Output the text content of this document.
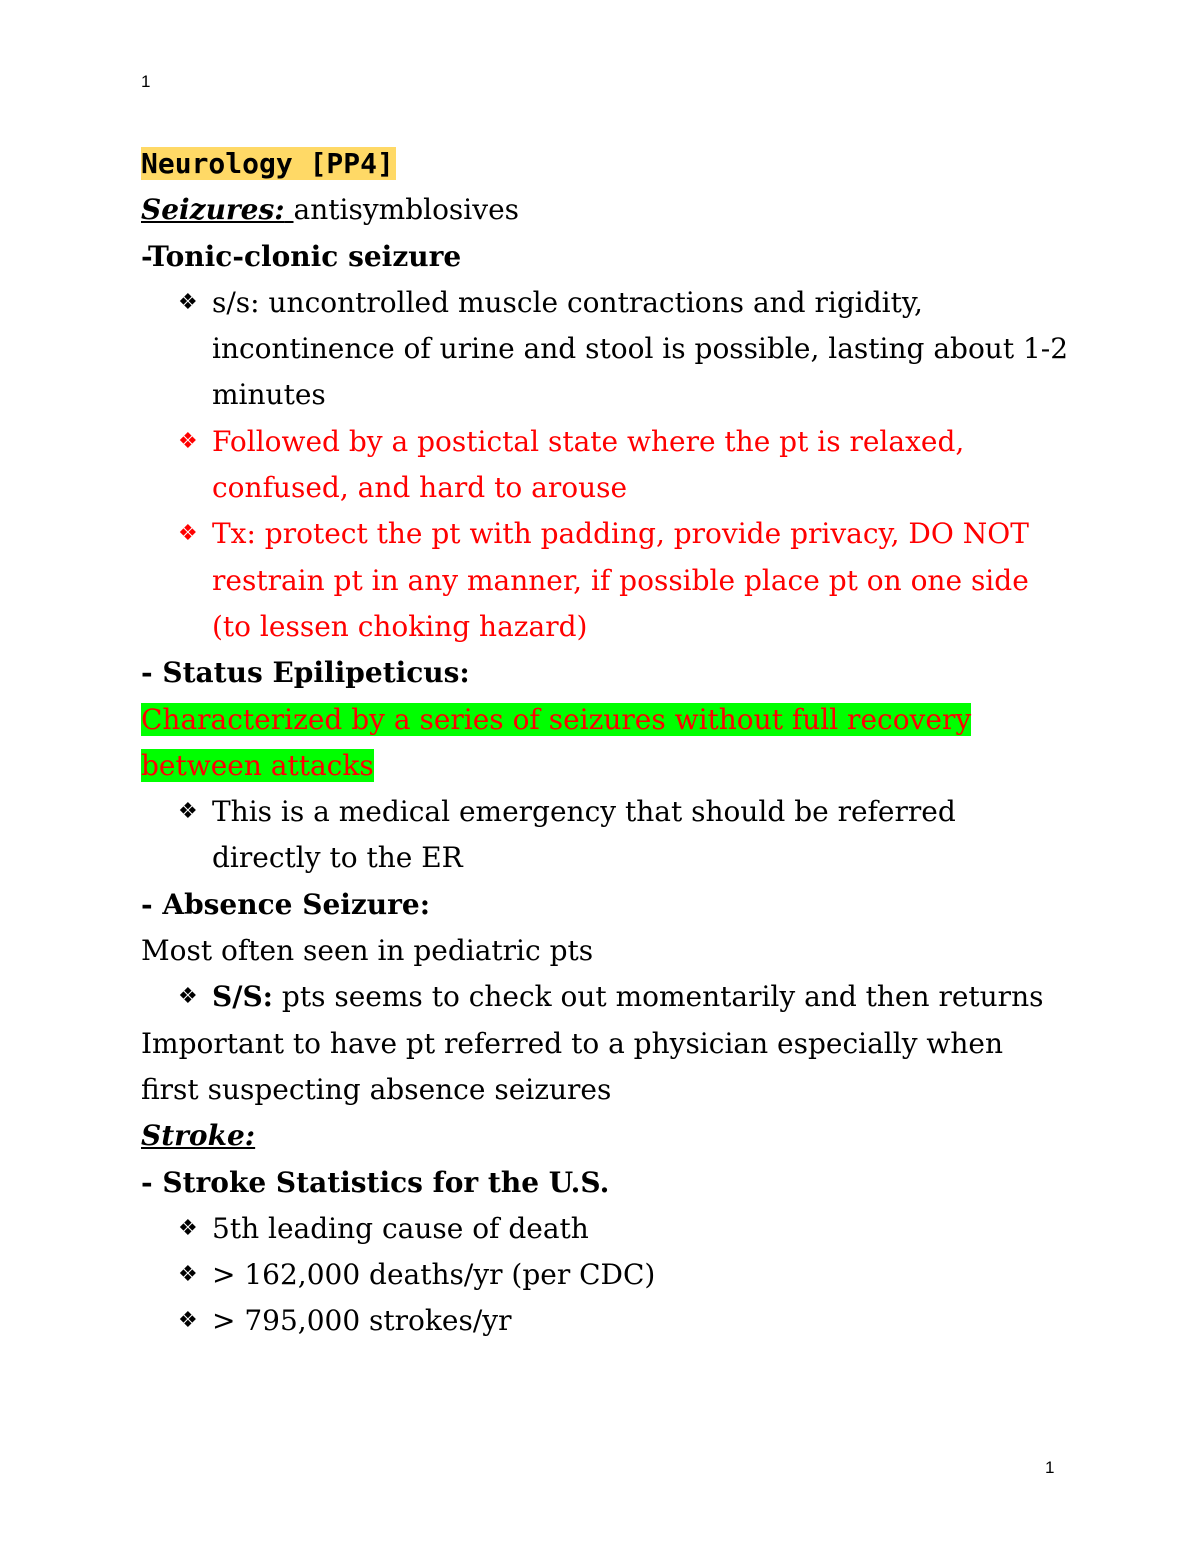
1

Neurology [PP4]

Seizures: antisymblosives

-Tonic-clonic seizure

❖ s/s: uncontrolled muscle contractions and rigidity, incontinence of urine and stool is possible, lasting about 1-2 minutes
❖ Followed by a postictal state where the pt is relaxed, confused, and hard to arouse
❖ Tx: protect the pt with padding, provide privacy, DO NOT restrain pt in any manner, if possible place pt on one side (to lessen choking hazard)

- Status Epilipeticus:

Characterized by a series of seizures without full recovery

between attacks

❖ This is a medical emergency that should be referred directly to the ER

- Absence Seizure:

Most often seen in pediatric pts

❖ S/S: pts seems to check out momentarily and then returns

Important to have pt referred to a physician especially when

first suspecting absence seizures

Stroke:

- Stroke Statistics for the U.S.

❖ 5th leading cause of death
❖ > 162,000 deaths/yr (per CDC)
❖ > 795,000 strokes/yr
1
